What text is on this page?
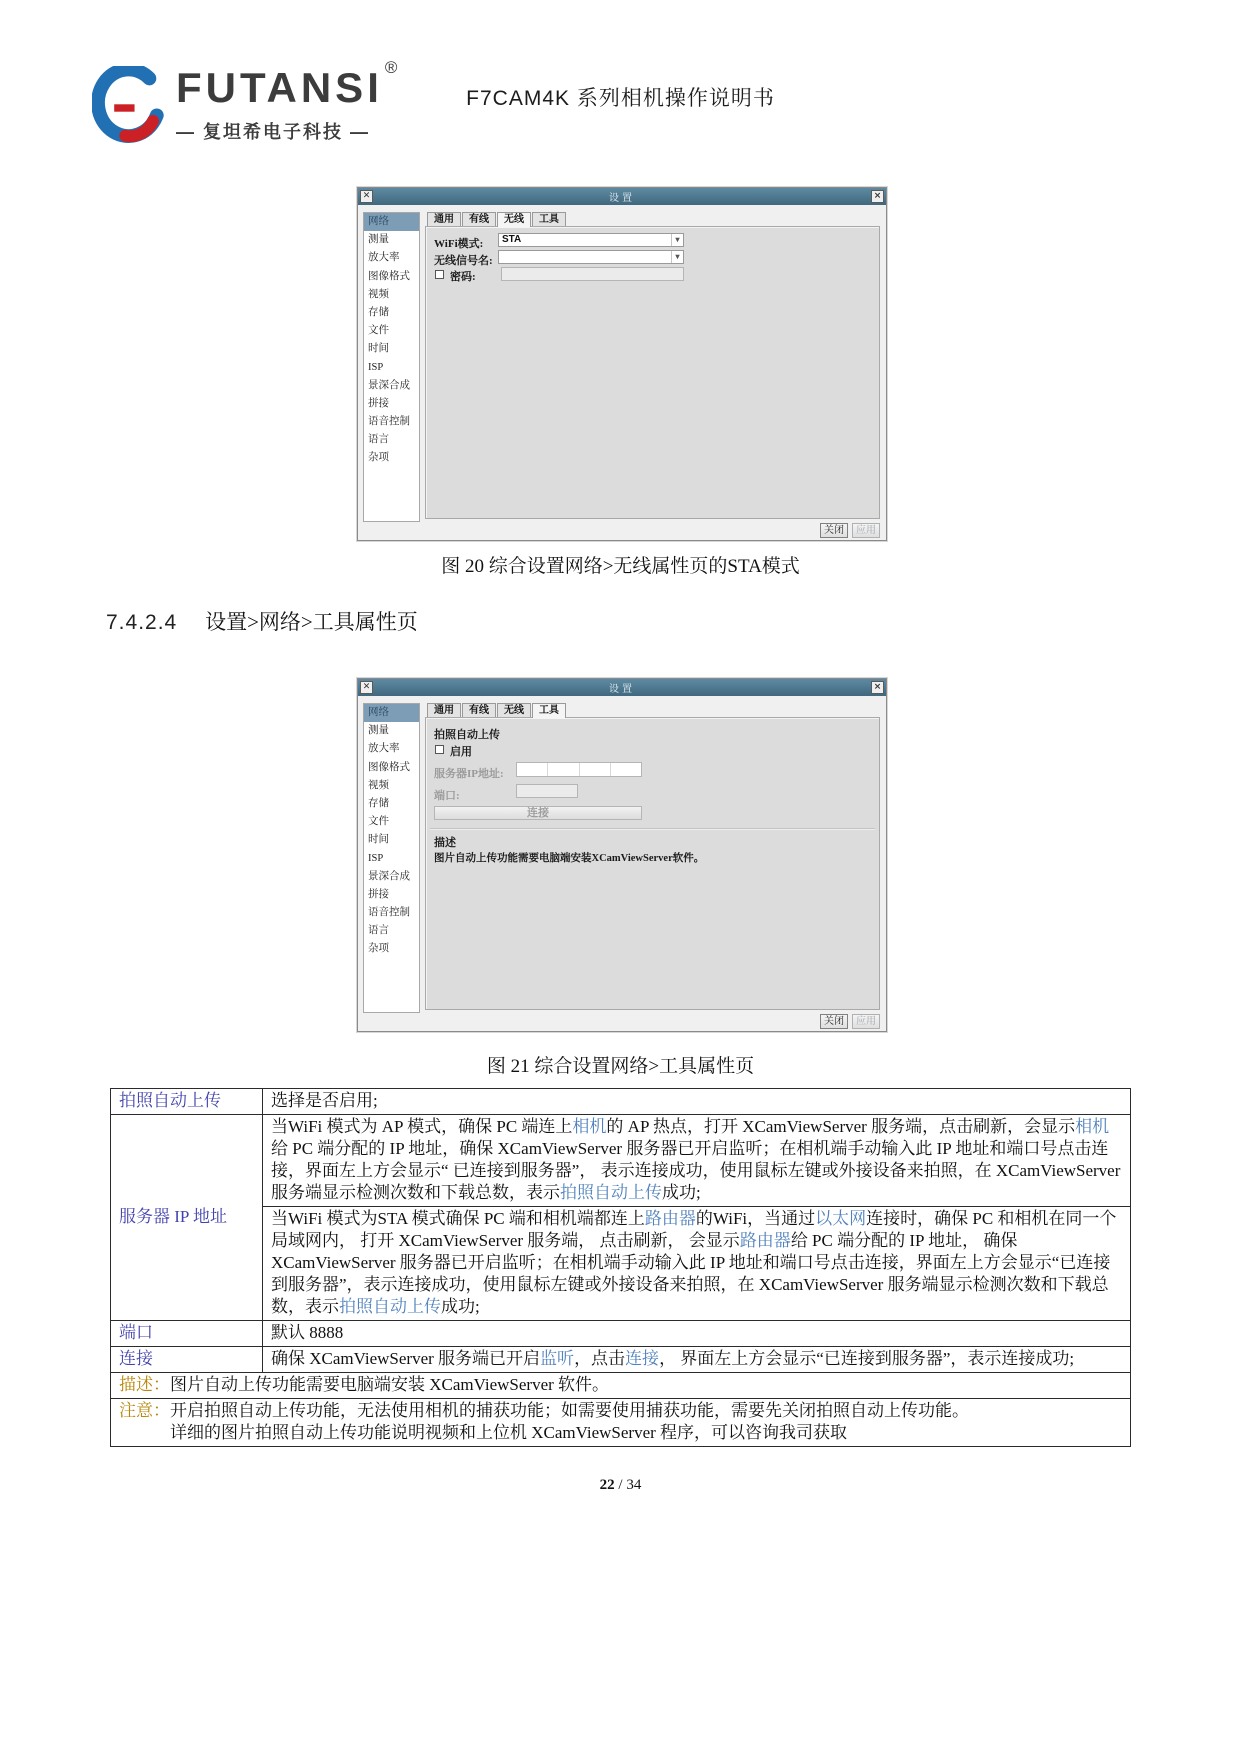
FUTANSI ®
— 复坦希电子科技 —
F7CAM4K 系列相机操作说明书
✕	设置	×
网络
测量
放大率
图像格式
视频
存储
文件
时间
ISP
景深合成
拼接
语音控制
语言
杂项
通用	有线	无线	工具
WiFi模式:	STA	▾
无线信号名:	▾
密码:
关闭	应用
图 20 综合设置网络>无线属性页的STA模式
7.4.2.4 设置>网络>工具属性页
✕	设置	×
网络
测量
放大率
图像格式
视频
存储
文件
时间
ISP
景深合成
拼接
语音控制
语言
杂项
通用	有线	无线	工具
拍照自动上传
启用
服务器IP地址:
端口:
连接
描述
图片自动上传功能需要电脑端安装XCamViewServer软件。
关闭	应用
图 21 综合设置网络>工具属性页
拍照自动上传	选择是否启用;
服务器 IP 地址	当WiFi 模式为 AP 模式，确保 PC 端连上相机的 AP 热点，打开 XCamViewServer 服务端，点击刷新，会显示相机给 PC 端分配的 IP 地址，确保 XCamViewServer 服务器已开启监听；在相机端手动输入此 IP 地址和端口号点击连接，界面左上方会显示“ 已连接到服务器”， 表示连接成功，使用鼠标左键或外接设备来拍照，在 XCamViewServer 服务端显示检测次数和下载总数，表示拍照自动上传成功;
	当WiFi 模式为STA 模式确保 PC 端和相机端都连上路由器的WiFi，当通过以太网连接时，确保 PC 和相机在同一个局域网内， 打开 XCamViewServer 服务端， 点击刷新， 会显示路由器给 PC 端分配的 IP 地址， 确保 XCamViewServer 服务器已开启监听；在相机端手动输入此 IP 地址和端口号点击连接，界面左上方会显示“已连接到服务器”，表示连接成功，使用鼠标左键或外接设备来拍照，在 XCamViewServer 服务端显示检测次数和下载总数，表示拍照自动上传成功;
端口	默认 8888
连接	确保 XCamViewServer 服务端已开启监听，点击连接， 界面左上方会显示“已连接到服务器”，表示连接成功;
描述：图片自动上传功能需要电脑端安装 XCamViewServer 软件。	

注意：开启拍照自动上传功能，无法使用相机的捕获功能；如需要使用捕获功能，需要先关闭拍照自动上传功能。
详细的图片拍照自动上传功能说明视频和上位机 XCamViewServer 程序，可以咨询我司获取	
22 / 34
